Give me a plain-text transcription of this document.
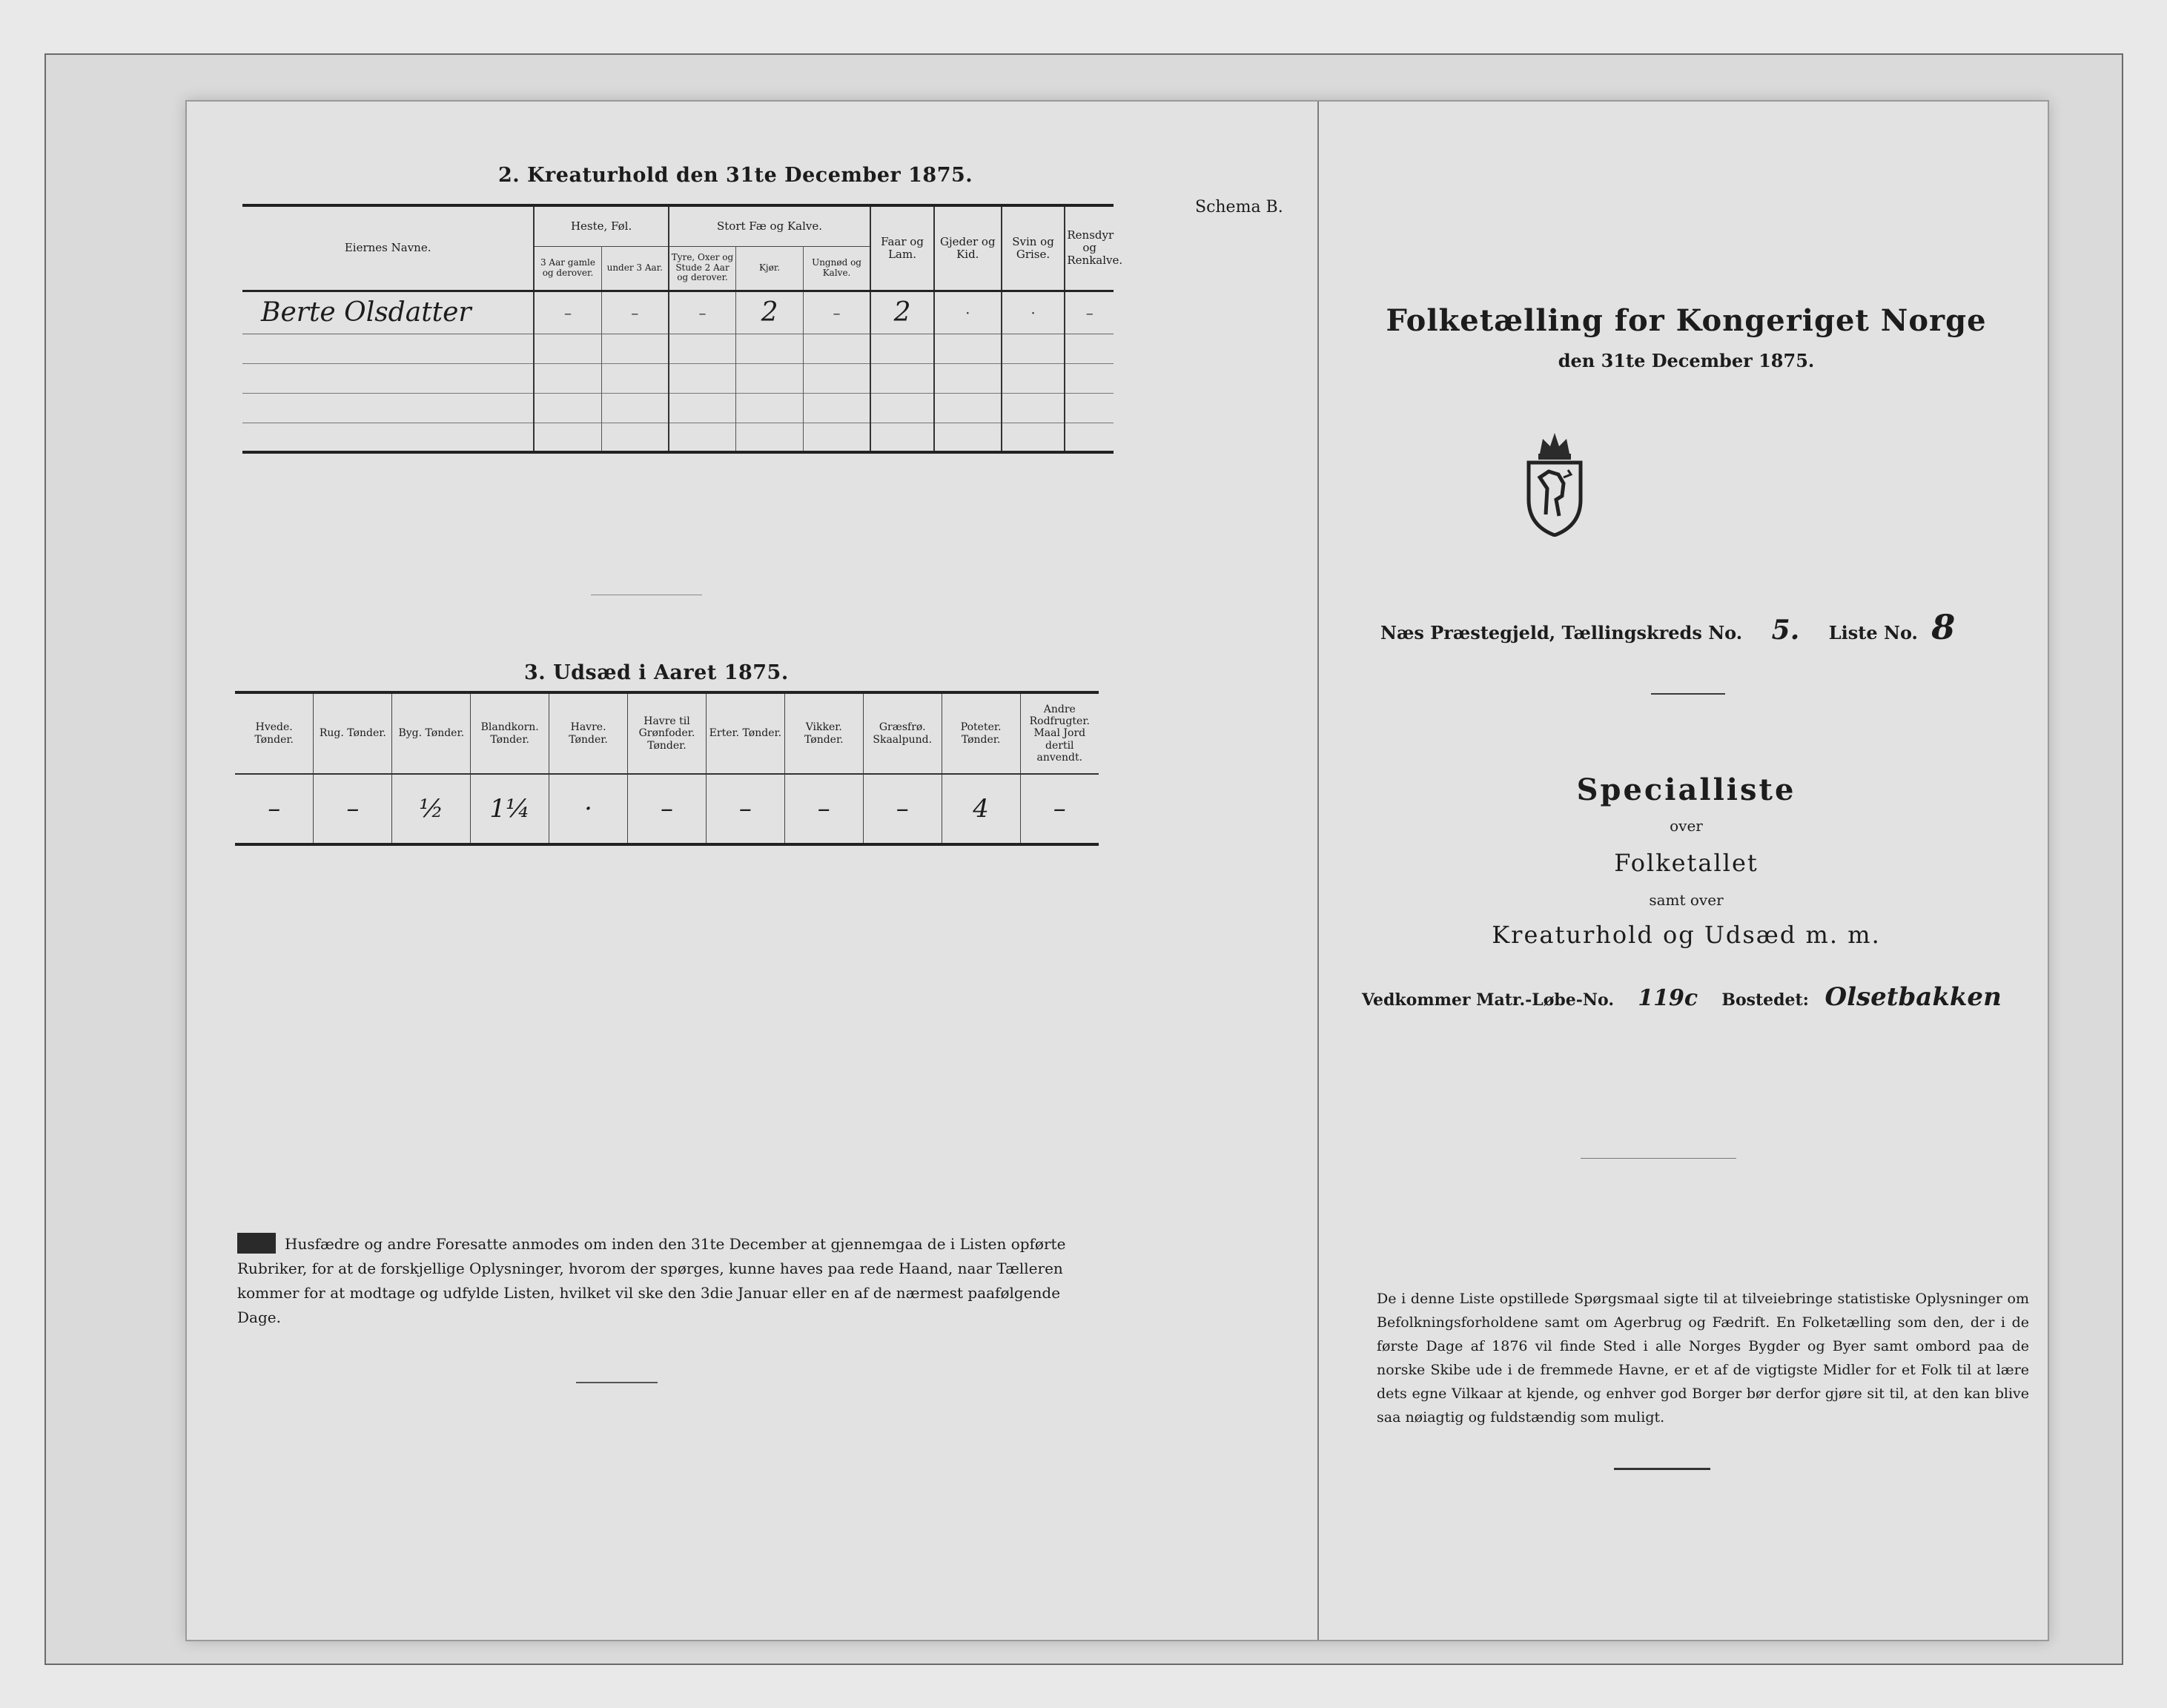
2. Kreaturhold den 31te December 1875.
Eiernes Navne.	Heste, Føl.		Stort Fæ og Kalve.			Faar og Lam.	Gjeder og Kid.	Svin og Grise.	Rensdyr og Renkalve.
	3 Aar gamle og derover.	under 3 Aar.	Tyre, Oxer og Stude 2 Aar og derover.	Kjør.	Ungnød og Kalve.				
Berte Olsdatter	–	–	–	2	–	2	·	·	–

3. Udsæd i Aaret 1875.
Hvede. Tønder.	Rug. Tønder.	Byg. Tønder.	Blandkorn. Tønder.	Havre. Tønder.	Havre til Grønfoder. Tønder.	Erter. Tønder.	Vikker. Tønder.	Græsfrø. Skaalpund.	Poteter. Tønder.	Andre Rodfrugter. Maal Jord dertil anvendt.
–	–	½	1¼	·	–	–	–	–	4	–
Husfædre og andre Foresatte anmodes om inden den 31te December at gjennemgaa de i Listen opførte Rubriker, for at de forskjellige Oplysninger, hvorom der spørges, kunne haves paa rede Haand, naar Tælleren kommer for at modtage og udfylde Listen, hvilket vil ske den 3die Januar eller en af de nærmest paafølgende Dage.
Schema B.
Folketælling for Kongeriget Norge
den 31te December 1875.
Næs Præstegjeld, Tællingskreds No. 5. Liste No. 8
Specialliste
over
Folketallet
samt over
Kreaturhold og Udsæd m. m.
Vedkommer Matr.-Løbe-No. 119c Bostedet: Olsetbakken
De i denne Liste opstillede Spørgsmaal sigte til at tilveiebringe statistiske Oplysninger om Befolkningsforholdene samt om Agerbrug og Fædrift. En Folketælling som den, der i de første Dage af 1876 vil finde Sted i alle Norges Bygder og Byer samt ombord paa de norske Skibe ude i de fremmede Havne, er et af de vigtigste Midler for et Folk til at lære dets egne Vilkaar at kjende, og enhver god Borger bør derfor gjøre sit til, at den kan blive saa nøiagtig og fuldstændig som muligt.
